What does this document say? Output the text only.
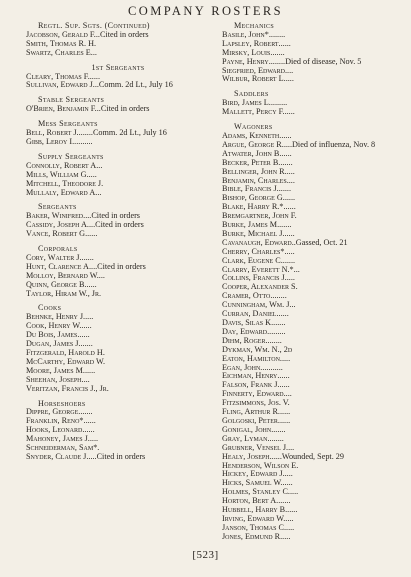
COMPANY ROSTERS
Regtl. Sup. Sgts. (Continued)
Jacobson, Gerald F...Cited in orders
Smith, Thomas R. H.
Swartz, Charles E...
1st Sergeants
Cleary, Thomas F......
Sullivan, Edward J...Comm. 2d Lt., July 16
Stable Sergeants
O'Brien, Benjamin F...Cited in orders
Mess Sergeants
Bell, Robert J........Comm. 2d Lt., July 16
Gibb, Leroy I..........
Supply Sergeants
Connolly, Robert A...
Mills, William G.....
Mitchell, Theodore J.
Mullaly, Edward A...
Sergeants
Baker, Winifred....Cited in orders
Cassidy, Joseph A....Cited in orders
Vance, Robert G......
Corporals
Cory, Walter J.......
Hunt, Clarence A....Cited in orders
Molloy, Bernard W....
Quinn, George B......
Taylor, Hiram W., Jr.
Cooks
Behnke, Henry J.....
Cook, Henry W......
Du Bois, James......
Dugan, James J.......
Fitzgerald, Harold H.
McCarthy, Edward W.
Moore, James M......
Sheehan, Joseph....
Veritzan, Francis J., Jr.
Horseshoers
Dippre, George.......
Franklin, Reno*......
Hooks, Leonard......
Mahoney, James J.....
Schneiderman, Sam*.
Snyder, Claude J.....Cited in orders
Mechanics
Basile, John*........
Lapsley, Robert......
Mirsky, Louis.......
Payne, Henry........Died of disease, Nov. 5
Siegfried, Edward....
Wilbur, Robert L.....
Saddlers
Bird, James L.........
Mallett, Percy F......
Wagoners
Adams, Kenneth......
Argue, George R.....Died of influenza, Nov. 8
Atwater, John B......
Becker, Peter B.......
Bellinger, John R.....
Benjamin, Charles....
Bible, Francis J.......
Bishop, George G......
Blake, Harry R.*......
Bremgartner, John F.
Burke, James M.......
Burke, Michael J......
Cavanaugh, Edward..Gassed, Oct. 21
Cherry, Charles*.....
Clark, Eugene C.......
Clarry, Everett N.*...
Collins, Francis J.....
Cooper, Alexander S.
Cramer, Otto........
Cunningham, Wm. J...
Curran, Daniel......
Davis, Silas K.......
Day, Edward.........
Dihm, Roger........
Dykman, Wm. N., 2d
Eaton, Hamilton.....
Egan, John...........
Eichman, Henry......
Falson, Frank J......
Finnerty, Edward....
Fitzsimmons, Jos. V.
Fling, Arthur R......
Golgoski, Peter......
Gonigal, John.......
Gray, Lyman........
Grubner, Vensel J....
Healy, Joseph......Wounded, Sept. 29
Henderson, Wilson E.
Hickey, Edward J.....
Hicks, Samuel W......
Holmes, Stanley C.....
Horton, Bert A.......
Hubbell, Harry B......
Irving, Edward W.....
Janson, Thomas C.....
Jones, Edmund R.....
[523]
